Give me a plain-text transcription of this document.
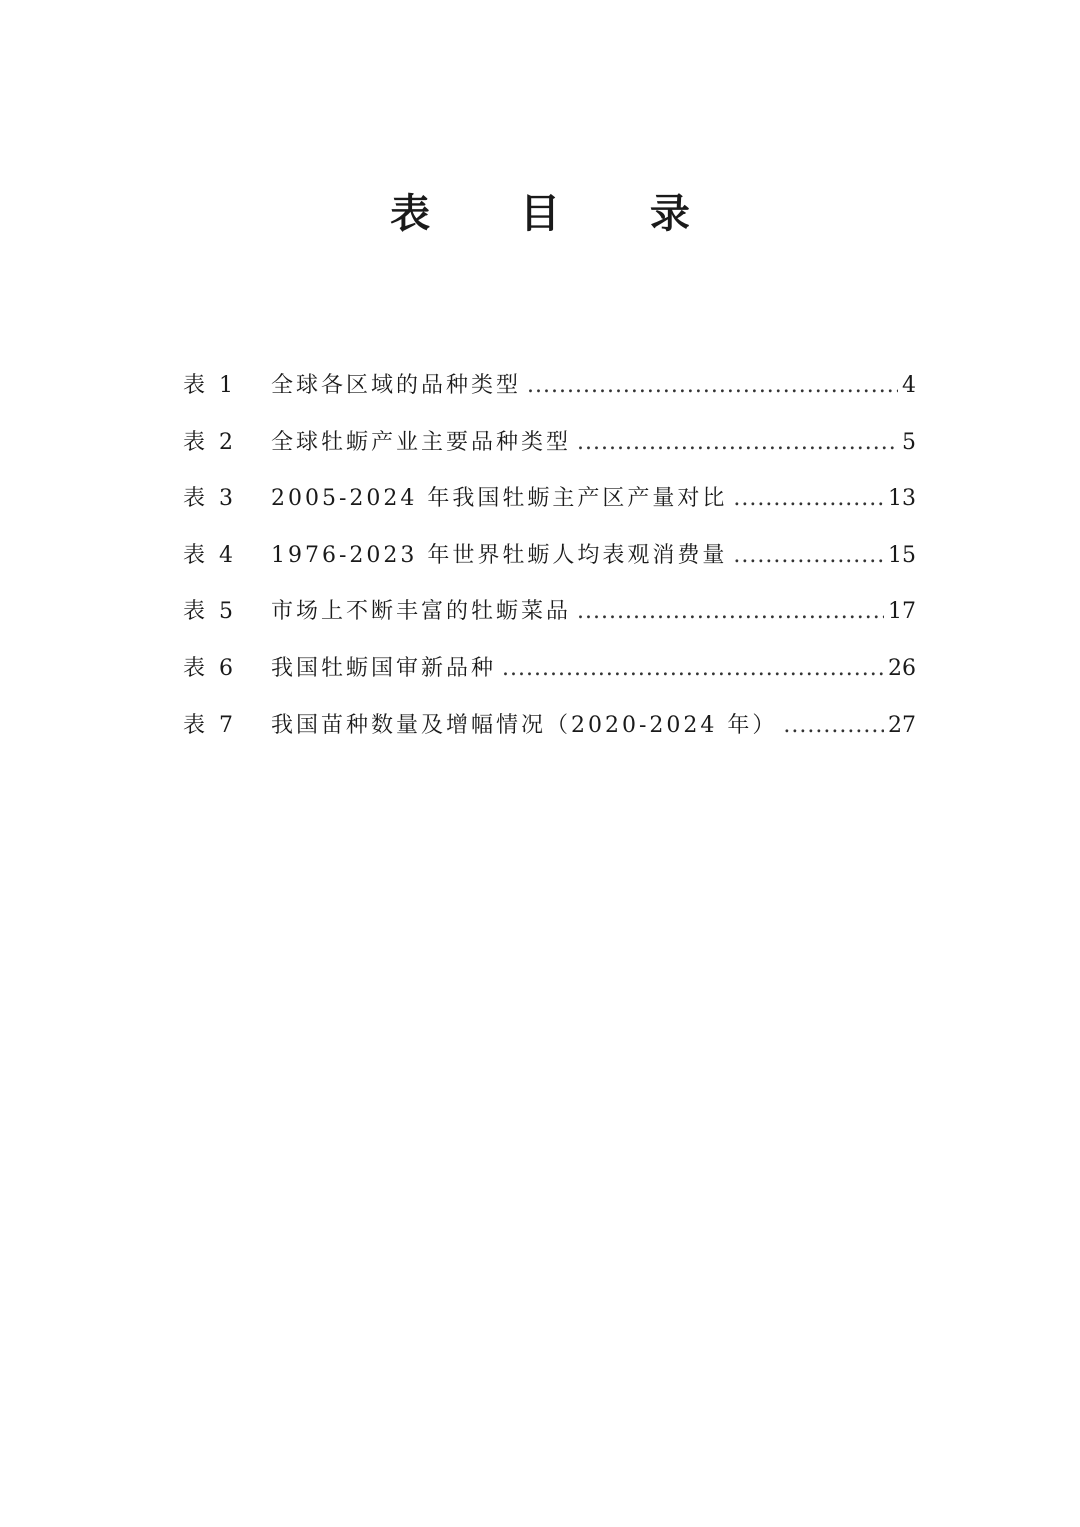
表 目 录
表 1	全球各区域的品种类型 .....	4
表 2	全球牡蛎产业主要品种类型 .....	5
表 3	2005-2024 年我国牡蛎主产区产量对比 .....	13
表 4	1976-2023 年世界牡蛎人均表观消费量 .....	15
表 5	市场上不断丰富的牡蛎菜品 .....	17
表 6	我国牡蛎国审新品种 .....	26
表 7	我国苗种数量及增幅情况（2020-2024 年） .....	27
